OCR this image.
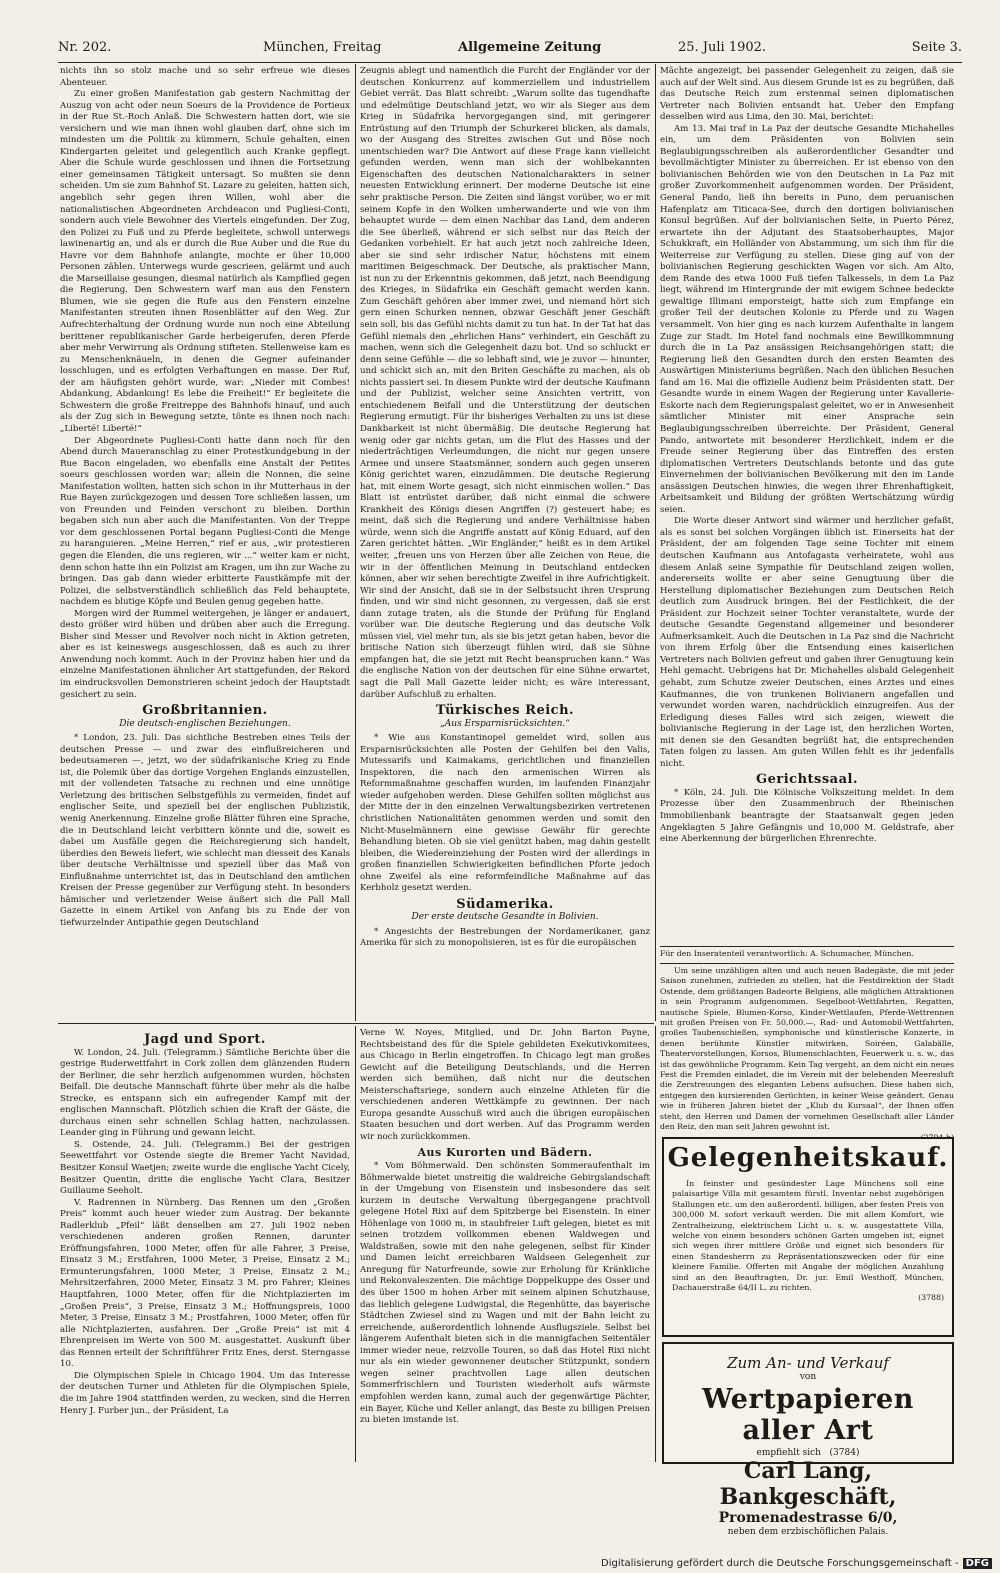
Nr. 202.	München, Freitag	Allgemeine Zeitung	25. Juli 1902.	Seite 3.

nichts ihn so stolz mache und so sehr erfreue wie dieses Abenteuer.

Zu einer großen Manifestation gab gestern Nachmittag der Auszug von acht oder neun Soeurs de la Providence de Portieux in der Rue St.-Roch Anlaß. Die Schwestern hatten dort, wie sie versichern und wie man ihnen wohl glauben darf, ohne sich im mindesten um die Politik zu kümmern, Schule gehalten, einen Kindergarten geleitet und gelegentlich auch Kranke gepflegt. Aber die Schule wurde geschlossen und ihnen die Fortsetzung einer gemeinsamen Tätigkeit untersagt. So mußten sie denn scheiden. Um sie zum Bahnhof St. Lazare zu geleiten, hatten sich, angeblich sehr gegen ihren Willen, wohl aber die nationalistischen Abgeordneten Archdeacon und Pugliesi-Conti, sondern auch viele Bewohner des Viertels eingefunden. Der Zug, den Polizei zu Fuß und zu Pferde begleitete, schwoll unterwegs lawinenartig an, und als er durch die Rue Auber und die Rue du Havre vor dem Bahnhofe anlangte, mochte er über 10,000 Personen zählen. Unterwegs wurde gescrieen, gelärmt und auch die Marseillaise gesungen, diesmal natürlich als Kampflied gegen die Regierung. Den Schwestern warf man aus den Fenstern Blumen, wie sie gegen die Rufe aus den Fenstern einzelne Manifestanten streuten ihnen Rosenblätter auf den Weg. Zur Aufrechterhaltung der Ordnung wurde nun noch eine Abteilung berittener republikanischer Garde herbeigerufen, deren Pferde aber mehr Verwirrung als Ordnung stifteten. Stellenweise kam es zu Menschenknäueln, in denen die Gegner aufeinander losschlugen, und es erfolgten Verhaftungen en masse. Der Ruf, der am häufigsten gehört wurde, war: „Nieder mit Combes! Abdankung, Abdankung! Es lebe die Freiheit!“ Er begleitete die Schwestern die große Freitreppe des Bahnhofs hinauf, und auch als der Zug sich in Bewegung setzte, tönte es ihnen noch nach: „Liberté! Liberté!“

Der Abgeordnete Pugliesi-Conti hatte dann noch für den Abend durch Maueranschlag zu einer Protestkundgebung in der Rue Bacon eingeladen, wo ebenfalls eine Anstalt der Petites soeurs geschlossen worden war; allein die Nonnen, die seine Manifestation wollten, hatten sich schon in ihr Mutterhaus in der Rue Bayen zurückgezogen und dessen Tore schließen lassen, um von Freunden und Feinden verschont zu bleiben. Dorthin begaben sich nun aber auch die Manifestanten. Von der Treppe vor dem geschlossenen Portal begann Pugliesi-Conti die Menge zu haranguieren. „Meine Herren,“ rief er aus, „wir protestieren gegen die Elenden, die uns regieren, wir ...“ weiter kam er nicht, denn schon hatte ihn ein Polizist am Kragen, um ihn zur Wache zu bringen. Das gab dann wieder erbitterte Faustkämpfe mit der Polizei, die selbstverständlich schließlich das Feld behauptete, nachdem es blutige Köpfe und Beulen genug gegeben hatte.

Morgen wird der Rummel weitergehen, je länger er andauert, desto größer wird hüben und drüben aber auch die Erregung. Bisher sind Messer und Revolver noch nicht in Aktion getreten, aber es ist keineswegs ausgeschlossen, daß es auch zu ihrer Anwendung noch kommt. Auch in der Provinz haben hier und da einzelne Manifestationen ähnlicher Art stattgefunden, der Rekord im eindrucksvollen Demonstrieren scheint jedoch der Hauptstadt gesichert zu sein.

Großbritannien.
Die deutsch-englischen Beziehungen.

* London, 23. Juli. Das sichtliche Bestreben eines Teils der deutschen Presse — und zwar des einflußreicheren und bedeutsameren —, jetzt, wo der südafrikanische Krieg zu Ende ist, die Polemik über das dortige Vorgehen Englands einzustellen, mit der vollendeten Tatsache zu rechnen und eine unnötige Verletzung des britischen Selbstgefühls zu vermeiden, findet auf englischer Seite, und speziell bei der englischen Publizistik, wenig Anerkennung. Einzelne große Blätter führen eine Sprache, die in Deutschland leicht verbittern könnte und die, soweit es dabei um Ausfälle gegen die Reichsregierung sich handelt, überdies den Beweis liefert, wie schlecht man diesseit des Kanals über deutsche Verhältnisse und speziell über das Maß von Einflußnahme unterrichtet ist, das in Deutschland den amtlichen Kreisen der Presse gegenüber zur Verfügung steht. In besonders hämischer und verletzender Weise äußert sich die Pall Mall Gazette in einem Artikel von Anfang bis zu Ende der von tiefwurzelnder Antipathie gegen Deutschland

Zeugnis ablegt und namentlich die Furcht der Engländer vor der deutschen Konkurrenz auf kommerziellem und industriellem Gebiet verrät. Das Blatt schreibt: „Warum sollte das tugendhafte und edelmütige Deutschland jetzt, wo wir als Sieger aus dem Krieg in Südafrika hervorgegangen sind, mit geringerer Entrüstung auf den Triumph der Schurkerei blicken, als damals, wo der Ausgang des Streites zwischen Gut und Böse noch unentschieden war? Die Antwort auf diese Frage kann vielleicht gefunden werden, wenn man sich der wohlbekannten Eigenschaften des deutschen Nationalcharakters in seiner neuesten Entwicklung erinnert. Der moderne Deutsche ist eine sehr praktische Person. Die Zeiten sind längst vorüber, wo er mit seinem Kopfe in den Wolken umherwanderte und wie von ihm behauptet wurde — dem einen Nachbar das Land, dem anderen die See überließ, während er sich selbst nur das Reich der Gedanken vorbehielt. Er hat auch jetzt noch zahlreiche Ideen, aber sie sind sehr irdischer Natur, höchstens mit einem maritimen Beigeschmack. Der Deutsche, als praktischer Mann, ist nun zu der Erkenntnis gekommen, daß jetzt, nach Beendigung des Krieges, in Südafrika ein Geschäft gemacht werden kann. Zum Geschäft gehören aber immer zwei, und niemand hört sich gern einen Schurken nennen, obzwar Geschäft jener Geschäft sein soll, bis das Gefühl nichts damit zu tun hat. In der Tat hat das Gefühl niemals den „ehrlichen Hans“ verhindert, ein Geschäft zu machen, wenn sich die Gelegenheit dazu bot. Und so schluckt er denn seine Gefühle — die so lebhaft sind, wie je zuvor — hinunter, und schickt sich an, mit den Briten Geschäfte zu machen, als ob nichts passiert sei. In diesem Punkte wird der deutsche Kaufmann und der Publizist, welcher seine Ansichten vertritt, von entschiedenem Beifall und die Unterstützung der deutschen Regierung ermutigt. Für ihr bisheriges Verhalten zu uns ist diese Dankbarkeit ist nicht übermäßig. Die deutsche Regierung hat wenig oder gar nichts getan, um die Flut des Hasses und der niederträchtigen Verleumdungen, die nicht nur gegen unsere Armee und unsere Staatsmänner, sondern auch gegen unseren König gerichtet waren, einzudämmen. Die deutsche Regierung hat, mit einem Worte gesagt, sich nicht einmischen wollen.“ Das Blatt ist entrüstet darüber, daß nicht einmal die schwere Krankheit des Königs diesen Angriffen (?) gesteuert habe; es meint, daß sich die Regierung und andere Verhältnisse haben würde, wenn sich die Angriffe anstatt auf König Eduard, auf den Zaren gerichtet hätten. „Wir Engländer,“ heißt es in dem Artikel weiter, „freuen uns von Herzen über alle Zeichen von Reue, die wir in der öffentlichen Meinung in Deutschland entdecken können, aber wir sehen berechtigte Zweifel in ihre Aufrichtigkeit. Wir sind der Ansicht, daß sie in der Selbstsucht ihren Ursprung finden, und wir sind nicht gesonnen, zu vergessen, daß sie erst dann zutage traten, als die Stunde der Prüfung für England vorüber war. Die deutsche Regierung und das deutsche Volk müssen viel, viel mehr tun, als sie bis jetzt getan haben, bevor die britische Nation sich überzeugt fühlen wird, daß sie Sühne empfangen hat, die sie jetzt mit Recht beanspruchen kann.“ Was die englische Nation von der deutschen für eine Sühne erwartet, sagt die Pall Mall Gazette leider nicht; es wäre interessant, darüber Aufschluß zu erhalten.

Türkisches Reich.
„Aus Ersparnisrücksichten.“

* Wie aus Konstantinopel gemeldet wird, sollen aus Ersparnisrücksichten alle Posten der Gehilfen bei den Valis, Mutessarifs und Kaimakams, gerichtlichen und finanziellen Inspektoren, die nach den armenischen Wirren als Reformmaßnahme geschaffen wurden, im laufenden Finanzjahr wieder aufgehoben werden. Diese Gehilfen sollten möglichst aus der Mitte der in den einzelnen Verwaltungsbezirken vertretenen christlichen Nationalitäten genommen werden und somit den Nicht-Muselmännern eine gewisse Gewähr für gerechte Behandlung bieten. Ob sie viel genützt haben, mag dahin gestellt bleiben, die Wiedereinziehung der Posten wird der allerdings in großen finanziellen Schwierigkeiten befindlichen Pforte jedoch ohne Zweifel als eine reformfeindliche Maßnahme auf das Kerbholz gesetzt werden.

Südamerika.
Der erste deutsche Gesandte in Bolivien.

* Angesichts der Bestrebungen der Nordamerikaner, ganz Amerika für sich zu monopolisieren, ist es für die europäischen

Mächte angezeigt, bei passender Gelegenheit zu zeigen, daß sie auch auf der Welt sind. Aus diesem Grunde ist es zu begrüßen, daß das Deutsche Reich zum erstenmal seinen diplomatischen Vertreter nach Bolivien entsandt hat. Ueber den Empfang desselben wird aus Lima, den 30. Mai, berichtet:

Am 13. Mai traf in La Paz der deutsche Gesandte Michahelles ein, um dem Präsidenten von Bolivien sein Beglaubigungsschreiben als außerordentlicher Gesandter und bevollmächtigter Minister zu überreichen. Er ist ebenso von den bolivianischen Behörden wie von den Deutschen in La Paz mit großer Zuvorkommenheit aufgenommen worden. Der Präsident, General Pando, ließ ihn bereits in Puno, dem peruanischen Hafenplatz am Titicaca-See, durch den dortigen bolivianischen Konsul begrüßen. Auf der bolivianischen Seite, in Puerto Pérez, erwartete ihn der Adjutant des Staatsoberhauptes, Major Schukkraft, ein Holländer von Abstammung, um sich ihm für die Weiterreise zur Verfügung zu stellen. Diese ging auf von der bolivianischen Regierung geschickten Wagen vor sich. Am Alto, dem Rande des etwa 1000 Fuß tiefen Talkessels, in dem La Paz liegt, während im Hintergrunde der mit ewigem Schnee bedeckte gewaltige Illimani emporsteigt, hatte sich zum Empfange ein großer Teil der deutschen Kolonie zu Pferde und zu Wagen versammelt. Von hier ging es nach kurzem Aufenthalte in langem Zuge zur Stadt. Im Hotel fand nochmals eine Bewillkommnung durch die in La Paz ansässigen Reichsangehörigen statt; die Regierung ließ den Gesandten durch den ersten Beamten des Auswärtigen Ministeriums begrüßen. Nach den üblichen Besuchen fand am 16. Mai die offizielle Audienz beim Präsidenten statt. Der Gesandte wurde in einem Wagen der Regierung unter Kavallerie-Eskorte nach dem Regierungspalast geleitet, wo er in Anwesenheit sämtlicher Minister mit einer Ansprache sein Beglaubigungsschreiben überreichte. Der Präsident, General Pando, antwortete mit besonderer Herzlichkeit, indem er die Freude seiner Regierung über das Eintreffen des ersten diplomatischen Vertreters Deutschlands betonte und das gute Einvernehmen der bolivianischen Bevölkerung mit den im Lande ansässigen Deutschen hinwies, die wegen ihrer Ehrenhaftigkeit, Arbeitsamkeit und Bildung der größten Wertschätzung würdig seien.

Die Worte dieser Antwort sind wärmer und herzlicher gefaßt, als es sonst bei solchen Vorgängen üblich ist. Einerseits hat der Präsident, der am folgenden Tage seine Tochter mit einem deutschen Kaufmann aus Antofagasta verheiratete, wohl aus diesem Anlaß seine Sympathie für Deutschland zeigen wollen, andererseits wollte er aber seine Genugtuung über die Herstellung diplomatischer Beziehungen zum Deutschen Reich deutlich zum Ausdruck bringen. Bei der Festlichkeit, die der Präsident zur Hochzeit seiner Tochter veranstaltete, wurde der deutsche Gesandte Gegenstand allgemeiner und besonderer Aufmerksamkeit. Auch die Deutschen in La Paz sind die Nachricht von ihrem Erfolg über die Entsendung eines kaiserlichen Vertreters nach Bolivien gefreut und gaben ihrer Genugtuung kein Hehl gemacht. Uebrigens hat Dr. Michahelles alsbald Gelegenheit gehabt, zum Schutze zweier Deutschen, eines Arztes und eines Kaufmannes, die von trunkenen Bolivianern angefallen und verwundet worden waren, nachdrücklich einzugreifen. Aus der Erledigung dieses Falles wird sich zeigen, wieweit die bolivianische Regierung in der Lage ist, den herzlichen Worten, mit denen sie den Gesandten begrüßt hat, die entsprechenden Taten folgen zu lassen. Am guten Willen fehlt es ihr jedenfalls nicht.

Gerichtssaal.

* Köln, 24. Juli. Die Kölnische Volkszeitung meldet: In dem Prozesse über den Zusammenbruch der Rheinischen Immobilienbank beantragte der Staatsanwalt gegen jeden Angeklagten 5 Jahre Gefängnis und 10,000 M. Geldstrafe, aber eine Aberkennung der bürgerlichen Ehrenrechte.

Für den Inseratenteil verantwortlich: A. Schumacher, München.

Um seine unzähligen alten und auch neuen Badegäste, die mit jeder Saison zunehmen, zufrieden zu stellen, hat die Festdirektion der Stadt Ostende, dem größtangen Badeorte Belgiens, alle möglichen Attraktionen in sein Programm aufgenommen. Segelboot-Wettfahrten, Regatten, nautische Spiele, Blumen-Korso, Kinder-Wettlaufen, Pferde-Wettrennen mit großen Preisen von Fr. 50,000.—, Rad- und Automobil-Wettfahrten, großes Taubenschießen, symphonische und künstlerische Konzerte, in denen berühmte Künstler mitwirken, Soiréen, Galabälle, Theatervorstellungen, Korsos, Blumenschlachten, Feuerwerk u. s. w., das ist das gewöhnliche Programm. Kein Tag vergeht, an dem nicht ein neues Fest die Fremden einladet, die im Verein mit der belebenden Meeresluft die Zerstreuungen des eleganten Lebens aufsuchen. Diese haben sich, entgegen den kursierenden Gerüchten, in keiner Weise geändert. Genau wie in früheren Jahren bietet der „Klub du Kursaal“, der Ihnen offen steht, den Herren und Damen der vornehmen Gesellschaft aller Länder den Reiz, den man seit Jahren gewohnt ist.

Jagd und Sport.

W. London, 24. Juli. (Telegramm.) Sämtliche Berichte über die gestrige Ruderwettfahrt in Cork zollen dem glänzenden Rudern der Berliner, die sehr herzlich aufgenommen wurden, höchsten Beifall. Die deutsche Mannschaft führte über mehr als die halbe Strecke, es entspann sich ein aufregender Kampf mit der englischen Mannschaft. Plötzlich schien die Kraft der Gäste, die durchaus einen sehr schnellen Schlag hatten, nachzulassen. Leander ging in Führung und gewann leicht.

S. Ostende, 24. Juli. (Telegramm.) Bei der gestrigen Seewettfahrt vor Ostende siegte die Bremer Yacht Navidad, Besitzer Konsul Waetjen; zweite wurde die englische Yacht Cicely, Besitzer Quentin, dritte die englische Yacht Clara, Besitzer Guillaume Seeholt.

V. Radrennen in Nürnberg. Das Rennen um den „Großen Preis“ kommt auch heuer wieder zum Austrag. Der bekannte Radlerklub „Pfeil“ läßt denselben am 27. Juli 1902 neben verschiedenen anderen großen Rennen, darunter Eröffnungsfahren, 1000 Meter, offen für alle Fahrer, 3 Preise, Einsatz 3 M.; Erstfahren, 1000 Meter, 3 Preise, Einsatz 2 M.; Ermunterungsfahren, 1000 Meter, 3 Preise, Einsatz 2 M.; Mehrsitzerfahren, 2000 Meter, Einsatz 3 M. pro Fahrer; Kleines Hauptfahren, 1000 Meter, offen für die Nichtplazierten im „Großen Preis“, 3 Preise, Einsatz 3 M.; Hoffnungspreis, 1000 Meter, 3 Preise, Einsatz 3 M.; Prostfahren, 1000 Meter, offen für alle Nichtplazierten, ausfahren. Der „Große Preis“ ist mit 4 Ehrenpreisen im Werte von 500 M. ausgestattet. Auskunft über das Rennen erteilt der Schriftführer Fritz Enes, derst. Sterngasse 10.

Die Olympischen Spiele in Chicago 1904. Um das Interesse der deutschen Turner und Athleten für die Olympischen Spiele, die im Jahre 1904 stattfinden werden, zu wecken, sind die Herren Henry J. Furber jun., der Präsident, La

Verne W. Noyes, Mitglied, und Dr. John Barton Payne, Rechtsbeistand des für die Spiele gebildeten Exekutivkomitees, aus Chicago in Berlin eingetroffen. In Chicago legt man großes Gewicht auf die Beteiligung Deutschlands, und die Herren werden sich bemühen, daß nicht nur die deutschen Meisterschaftsriege, sondern auch einzelne Athleten für die verschiedenen anderen Wettkämpfe zu gewinnen. Der nach Europa gesandte Ausschuß wird auch die übrigen europäischen Staaten besuchen und dort werben. Auf das Programm werden wir noch zurückkommen.

Aus Kurorten und Bädern.

* Vom Böhmerwald. Den schönsten Sommeraufenthalt im Böhmerwalde bietet unstreitig die waldreiche Gebirgslandschaft in der Umgebung von Eisenstein und insbesondere das seit kurzem in deutsche Verwaltung übergegangene prachtvoll gelegene Hotel Rixi auf dem Spitzberge bei Eisenstein. In einer Höhenlage von 1000 m, in staubfreier Luft gelegen, bietet es mit seinen trotzdem vollkommen ebenen Waldwegen und Waldstraßen, sowie mit den nahe gelegenen, selbst für Kinder und Damen leicht erreichbaren Waldseen Gelegenheit zur Anregung für Naturfreunde, sowie zur Erholung für Kränkliche und Rekonvaleszenten. Die mächtige Doppelkuppe des Osser und des über 1500 m hohen Arber mit seinem alpinen Schutzhause, das lieblich gelegene Ludwigstal, die Regenhütte, das bayerische Städtchen Zwiesel sind zu Wagen und mit der Bahn leicht zu erreichende, außerordentlich lohnende Ausflugsziele. Selbst bei längerem Aufenthalt bieten sich in die mannigfachen Seitentäler immer wieder neue, reizvolle Touren, so daß das Hotel Rixi nicht nur als ein wieder gewonnener deutscher Stützpunkt, sondern wegen seiner prachtvollen Lage allen deutschen Sommerfrischlern und Touristen wiederholt aufs wärmste empfohlen werden kann, zumal auch der gegenwärtige Pächter, ein Bayer, Küche und Keller anlangt, das Beste zu billigen Preisen zu bieten imstande ist.

Gelegenheitskauf.

In feinster und gesündester Lage Münchens soll eine palaisartige Villa mit gesamtem fürstl. Inventar nebst zugehörigen Stallungen etc. um den außerordentl. billigen, aber festen Preis von 300,000 M. sofort verkauft werden. Die mit allem Komfort, wie Zentralheizung, elektrischem Licht u. s. w. ausgestattete Villa, welche von einem besonders schönen Garten umgeben ist, eignet sich wegen ihrer mittlere Größe und eignet sich besonders für einen Standesherrn zu Repräsentationszwecken oder für eine kleinere Familie. Offerten mit Angabe der möglichen Anzahlung sind an den Beauftragten, Dr. jur. Emil Westhoff, München, Dachauerstraße 64/II L. zu richten.

(3788)
Zum An- und Verkauf
von
Wertpapieren aller Art
empfiehlt sich (3784)
Carl Lang, Bankgeschäft,
Promenadestrasse 6/0,
neben dem erzbischöflichen Palais.
Digitalisierung gefördert durch die Deutsche Forschungsgemeinschaft - DFG
